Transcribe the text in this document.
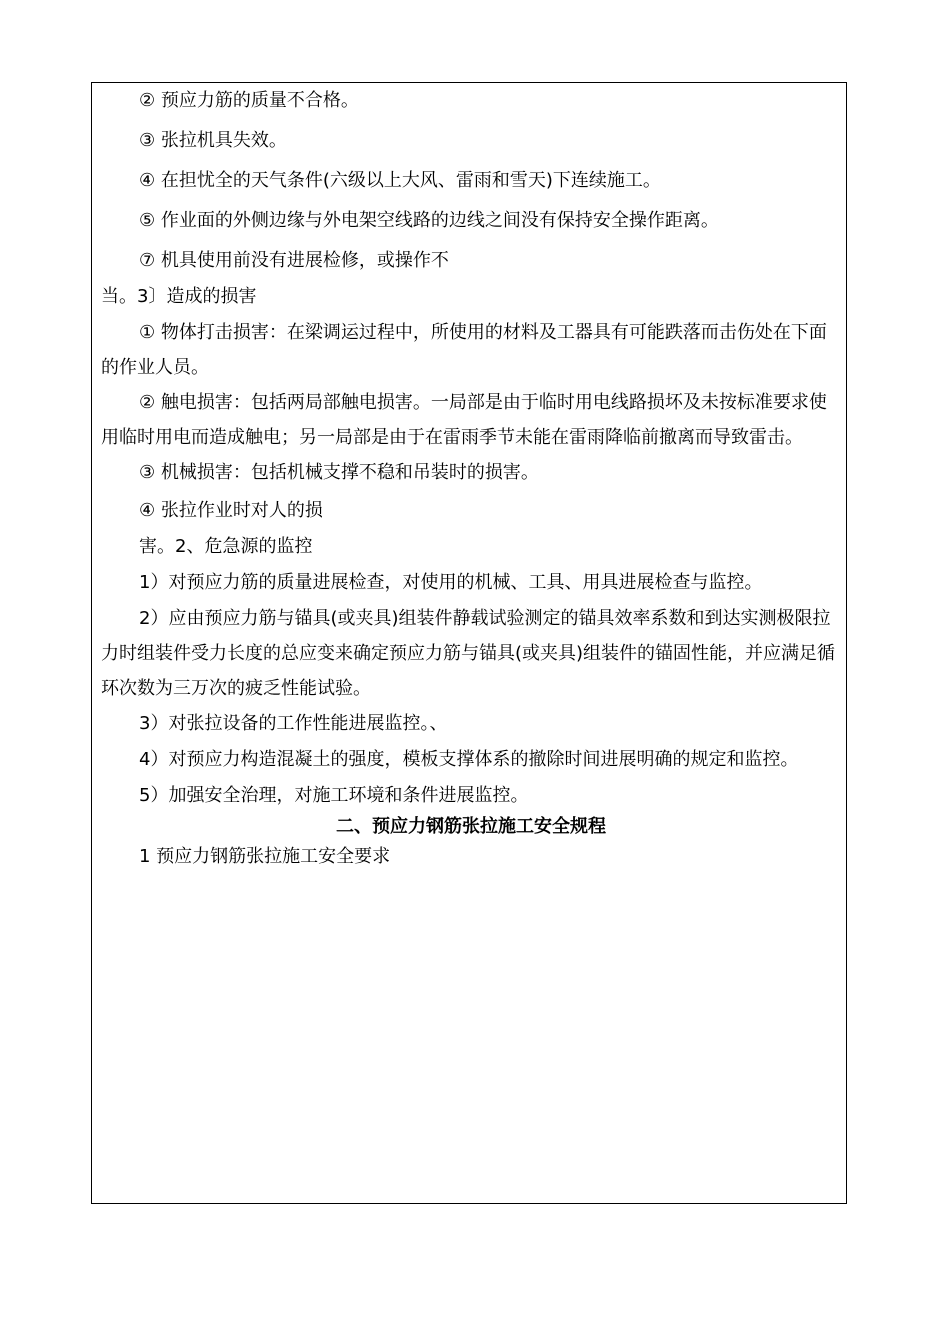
② 预应力筋的质量不合格。
③ 张拉机具失效。
④ 在担忧全的天气条件(六级以上大风、雷雨和雪天)下连续施工。
⑤ 作业面的外侧边缘与外电架空线路的边线之间没有保持安全操作距离。
⑦ 机具使用前没有进展检修，或操作不
当。3〕造成的损害
① 物体打击损害：在梁调运过程中，所使用的材料及工器具有可能跌落而击伤处在下面的作业人员。
② 触电损害：包括两局部触电损害。一局部是由于临时用电线路损坏及未按标准要求使用临时用电而造成触电；另一局部是由于在雷雨季节未能在雷雨降临前撤离而导致雷击。
③ 机械损害：包括机械支撑不稳和吊装时的损害。
④ 张拉作业时对人的损
害。2、危急源的监控
1）对预应力筋的质量进展检查，对使用的机械、工具、用具进展检查与监控。
2）应由预应力筋与锚具(或夹具)组装件静载试验测定的锚具效率系数和到达实测极限拉力时组装件受力长度的总应变来确定预应力筋与锚具(或夹具)组装件的锚固性能，并应满足循环次数为三万次的疲乏性能试验。
3）对张拉设备的工作性能进展监控。、
4）对预应力构造混凝土的强度，模板支撑体系的撤除时间进展明确的规定和监控。
5）加强安全治理，对施工环境和条件进展监控。
二、预应力钢筋张拉施工安全规程
1 预应力钢筋张拉施工安全要求
